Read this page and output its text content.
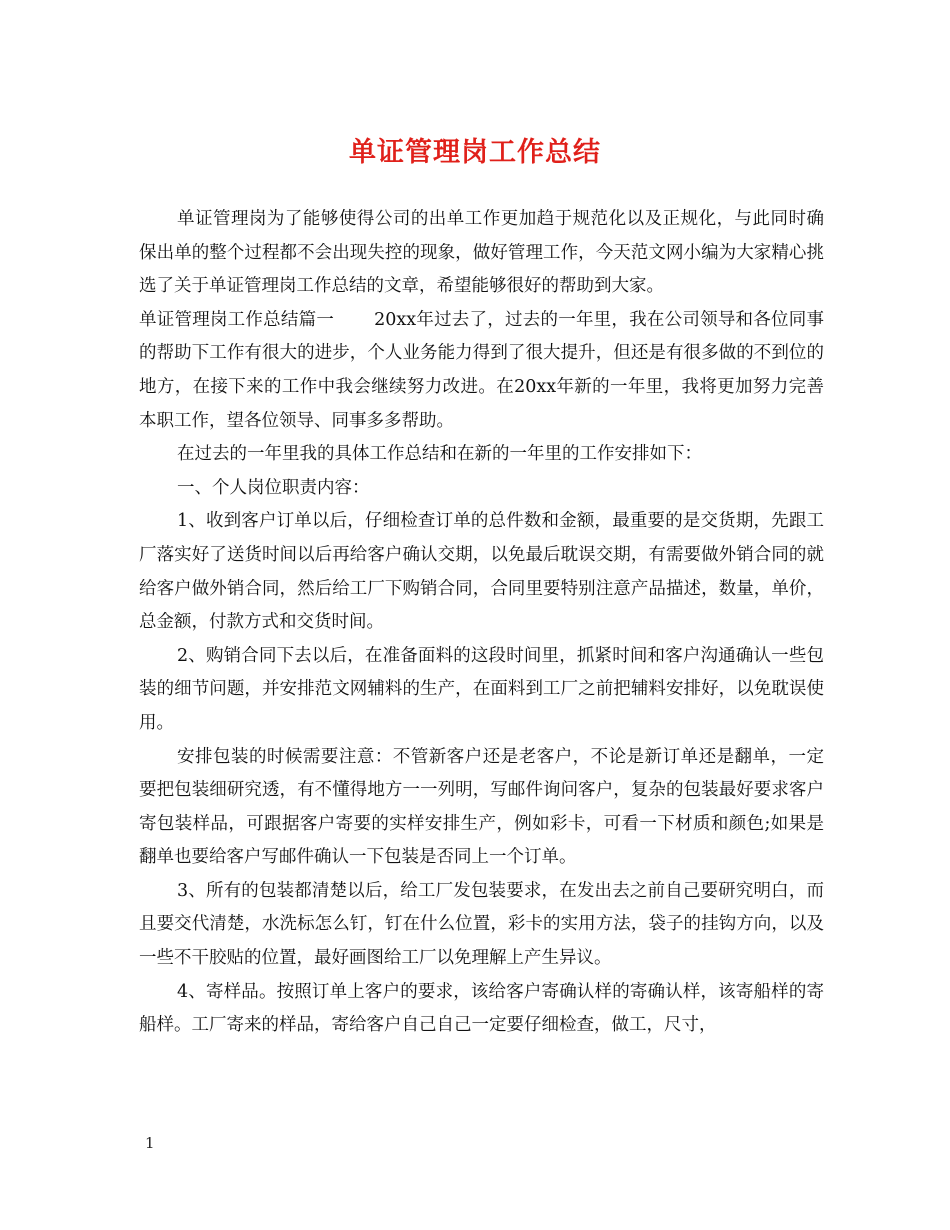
单证管理岗工作总结

单证管理岗为了能够使得公司的出单工作更加趋于规范化以及正规化，与此同时确保出单的整个过程都不会出现失控的现象，做好管理工作，今天范文网小编为大家精心挑选了关于单证管理岗工作总结的文章，希望能够很好的帮助到大家。

单证管理岗工作总结篇一 20xx年过去了，过去的一年里，我在公司领导和各位同事的帮助下工作有很大的进步，个人业务能力得到了很大提升，但还是有很多做的不到位的地方，在接下来的工作中我会继续努力改进。在20xx年新的一年里，我将更加努力完善本职工作，望各位领导、同事多多帮助。

在过去的一年里我的具体工作总结和在新的一年里的工作安排如下：

一、个人岗位职责内容：

1、收到客户订单以后，仔细检查订单的总件数和金额，最重要的是交货期，先跟工厂落实好了送货时间以后再给客户确认交期，以免最后耽误交期，有需要做外销合同的就给客户做外销合同，然后给工厂下购销合同，合同里要特别注意产品描述，数量，单价，总金额，付款方式和交货时间。

2、购销合同下去以后，在准备面料的这段时间里，抓紧时间和客户沟通确认一些包装的细节问题，并安排范文网辅料的生产，在面料到工厂之前把辅料安排好，以免耽误使用。

安排包装的时候需要注意：不管新客户还是老客户，不论是新订单还是翻单，一定要把包装细研究透，有不懂得地方一一列明，写邮件询问客户，复杂的包装最好要求客户寄包装样品，可跟据客户寄要的实样安排生产，例如彩卡，可看一下材质和颜色;如果是翻单也要给客户写邮件确认一下包装是否同上一个订单。

3、所有的包装都清楚以后，给工厂发包装要求，在发出去之前自己要研究明白，而且要交代清楚，水洗标怎么钉，钉在什么位置，彩卡的实用方法，袋子的挂钩方向，以及一些不干胶贴的位置，最好画图给工厂以免理解上产生异议。

4、寄样品。按照订单上客户的要求，该给客户寄确认样的寄确认样，该寄船样的寄船样。工厂寄来的样品，寄给客户自己自己一定要仔细检查，做工，尺寸，

1
